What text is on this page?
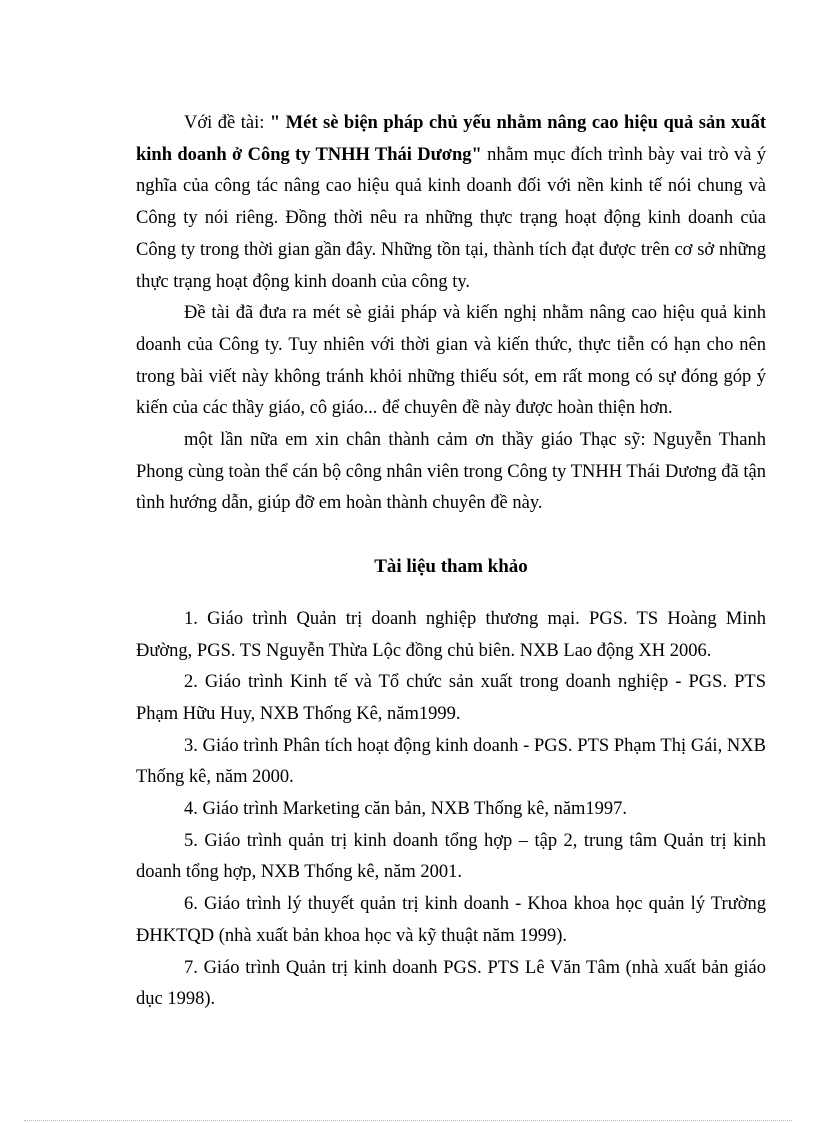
Với đề tài: " Mét sè biện pháp chủ yếu nhằm nâng cao hiệu quả sản xuất kinh doanh ở Công ty TNHH Thái Dương" nhằm mục đích trình bày vai trò và ý nghĩa của công tác nâng cao hiệu quả kinh doanh đối với nền kinh tế nói chung và Công ty nói riêng. Đồng thời nêu ra những thực trạng hoạt động kinh doanh của Công ty trong thời gian gần đây. Những tồn tại, thành tích đạt được trên cơ sở những thực trạng hoạt động kinh doanh của công ty.

Đề tài đã đưa ra mét sè giải pháp và kiến nghị nhằm nâng cao hiệu quả kinh doanh của Công ty. Tuy nhiên với thời gian và kiến thức, thực tiễn có hạn cho nên trong bài viết này không tránh khỏi những thiếu sót, em rất mong có sự đóng góp ý kiến của các thầy giáo, cô giáo... để chuyên đề này được hoàn thiện hơn.

một lần nữa em xin chân thành cảm ơn thầy giáo Thạc sỹ: Nguyễn Thanh Phong cùng toàn thể cán bộ công nhân viên trong Công ty TNHH Thái Dương đã tận tình hướng dẫn, giúp đỡ em hoàn thành chuyên đề này.

Tài liệu tham khảo

1. Giáo trình Quản trị doanh nghiệp thương mại. PGS. TS Hoàng Minh Đường, PGS. TS Nguyễn Thừa Lộc đồng chủ biên. NXB Lao động XH 2006.

2. Giáo trình Kinh tế và Tổ chức sản xuất trong doanh nghiệp - PGS. PTS Phạm Hữu Huy, NXB Thống Kê, năm1999.

3. Giáo trình Phân tích hoạt động kinh doanh - PGS. PTS Phạm Thị Gái, NXB Thống kê, năm 2000.

4. Giáo trình Marketing căn bản, NXB Thống kê, năm1997.

5. Giáo trình quản trị kinh doanh tổng hợp – tập 2, trung tâm Quản trị kinh doanh tổng hợp, NXB Thống kê, năm 2001.

6. Giáo trình lý thuyết quản trị kinh doanh - Khoa khoa học quản lý Trường ĐHKTQD (nhà xuất bản khoa học và kỹ thuật năm 1999).

7. Giáo trình Quản trị kinh doanh PGS. PTS Lê Văn Tâm (nhà xuất bản giáo dục 1998).
